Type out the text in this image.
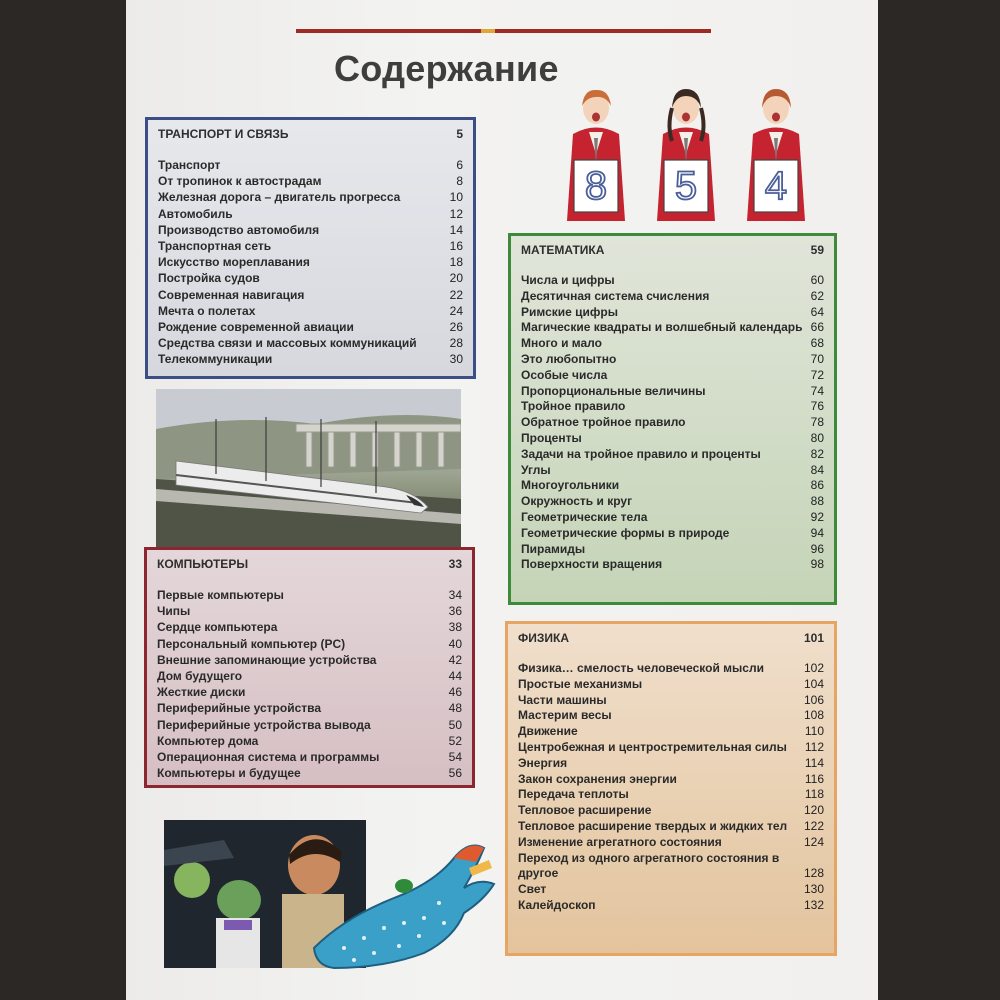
Содержание
8 5 4
ТРАНСПОРТ И СВЯЗЬ	5
Транспорт	6
От тропинок к автострадам	8
Железная дорога – двигатель прогресса	10
Автомобиль	12
Производство автомобиля	14
Транспортная сеть	16
Искусство мореплавания	18
Постройка судов	20
Современная навигация	22
Мечта о полетах	24
Рождение современной авиации	26
Средства связи и массовых коммуникаций	28
Телекоммуникации	30
КОМПЬЮТЕРЫ	33
Первые компьютеры	34
Чипы	36
Сердце компьютера	38
Персональный компьютер (PC)	40
Внешние запоминающие устройства	42
Дом будущего	44
Жесткие диски	46
Периферийные устройства	48
Периферийные устройства вывода	50
Компьютер дома	52
Операционная система и программы	54
Компьютеры и будущее	56
МАТЕМАТИКА	59
Числа и цифры	60
Десятичная система счисления	62
Римские цифры	64
Магические квадраты и волшебный календарь 66
Много и мало	68
Это любопытно	70
Особые числа	72
Пропорциональные величины	74
Тройное правило	76
Обратное тройное правило	78
Проценты	80
Задачи на тройное правило и проценты	82
Углы	84
Многоугольники	86
Окружность и круг	88
Геометрические тела	92
Геометрические формы в природе	94
Пирамиды	96
Поверхности вращения	98
ФИЗИКА	101
Физика… смелость человеческой мысли	102
Простые механизмы	104
Части машины	106
Мастерим весы	108
Движение	110
Центробежная и центростремительная силы	112
Энергия	114
Закон сохранения энергии	116
Передача теплоты	118
Тепловое расширение	120
Тепловое расширение твердых и жидких тел	122
Изменение агрегатного состояния	124
Переход из одного агрегатного состояния в другое	128
Свет	130
Калейдоскоп	132
